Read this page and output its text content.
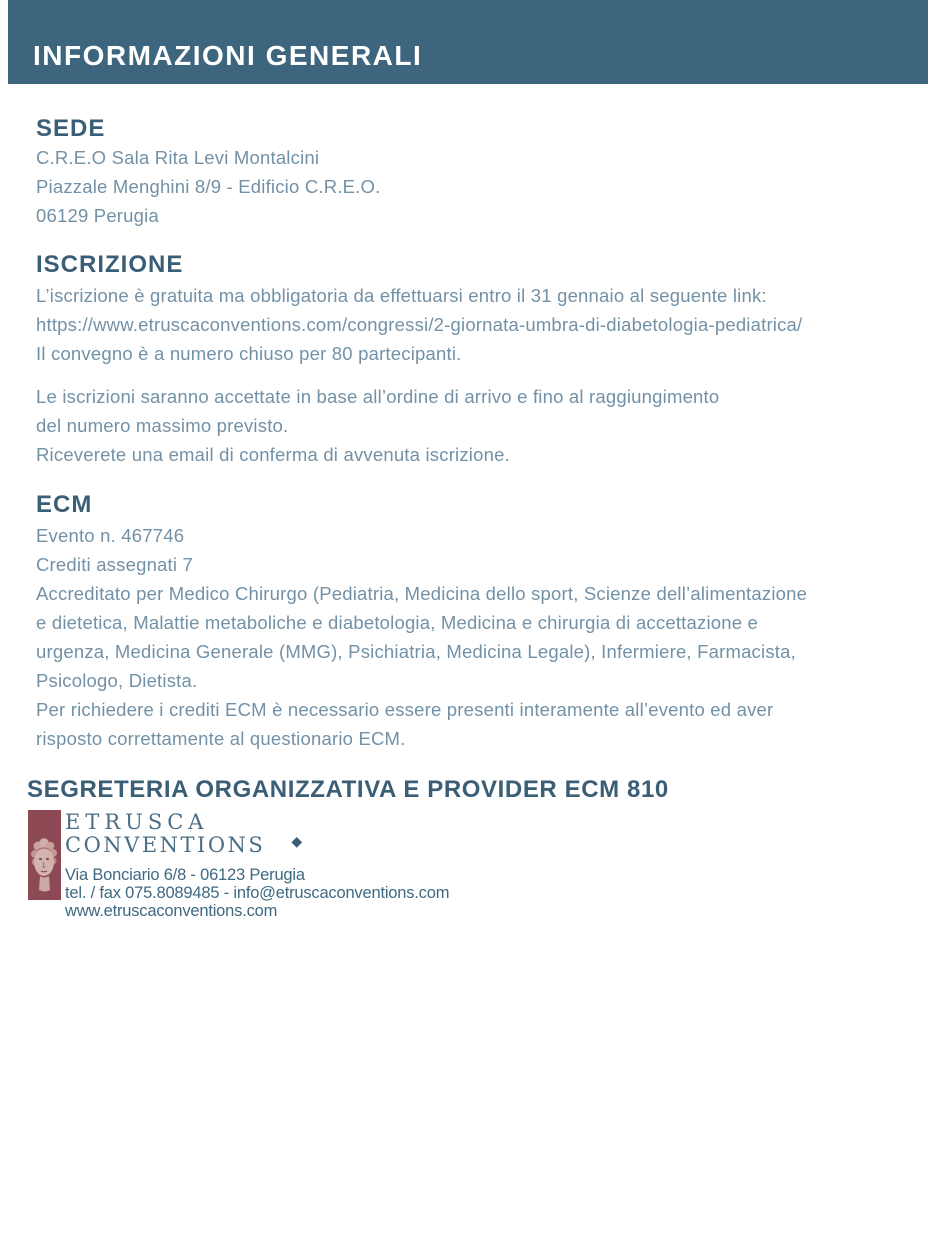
INFORMAZIONI GENERALI
SEDE
C.R.E.O Sala Rita Levi Montalcini
Piazzale Menghini 8/9 - Edificio C.R.E.O.
06129 Perugia
ISCRIZIONE
L’iscrizione è gratuita ma obbligatoria da effettuarsi entro il 31 gennaio al seguente link:
https://www.etruscaconventions.com/congressi/2-giornata-umbra-di-diabetologia-pediatrica/
Il convegno è a numero chiuso per 80 partecipanti.
Le iscrizioni saranno accettate in base all’ordine di arrivo e fino al raggiungimento
del numero massimo previsto.
Riceverete una email di conferma di avvenuta iscrizione.
ECM
Evento n. 467746
Crediti assegnati 7
Accreditato per Medico Chirurgo (Pediatria, Medicina dello sport, Scienze dell’alimentazione
e dietetica, Malattie metaboliche e diabetologia, Medicina e chirurgia di accettazione e
urgenza, Medicina Generale (MMG), Psichiatria, Medicina Legale), Infermiere, Farmacista,
Psicologo, Dietista.
Per richiedere i crediti ECM è necessario essere presenti interamente all’evento ed aver
risposto correttamente al questionario ECM.
SEGRETERIA ORGANIZZATIVA E PROVIDER ECM 810
ETRUSCA
CONVENTIONS ◆
Via Bonciario 6/8 - 06123 Perugia
tel. / fax 075.8089485 - info@etruscaconventions.com
www.etruscaconventions.com
